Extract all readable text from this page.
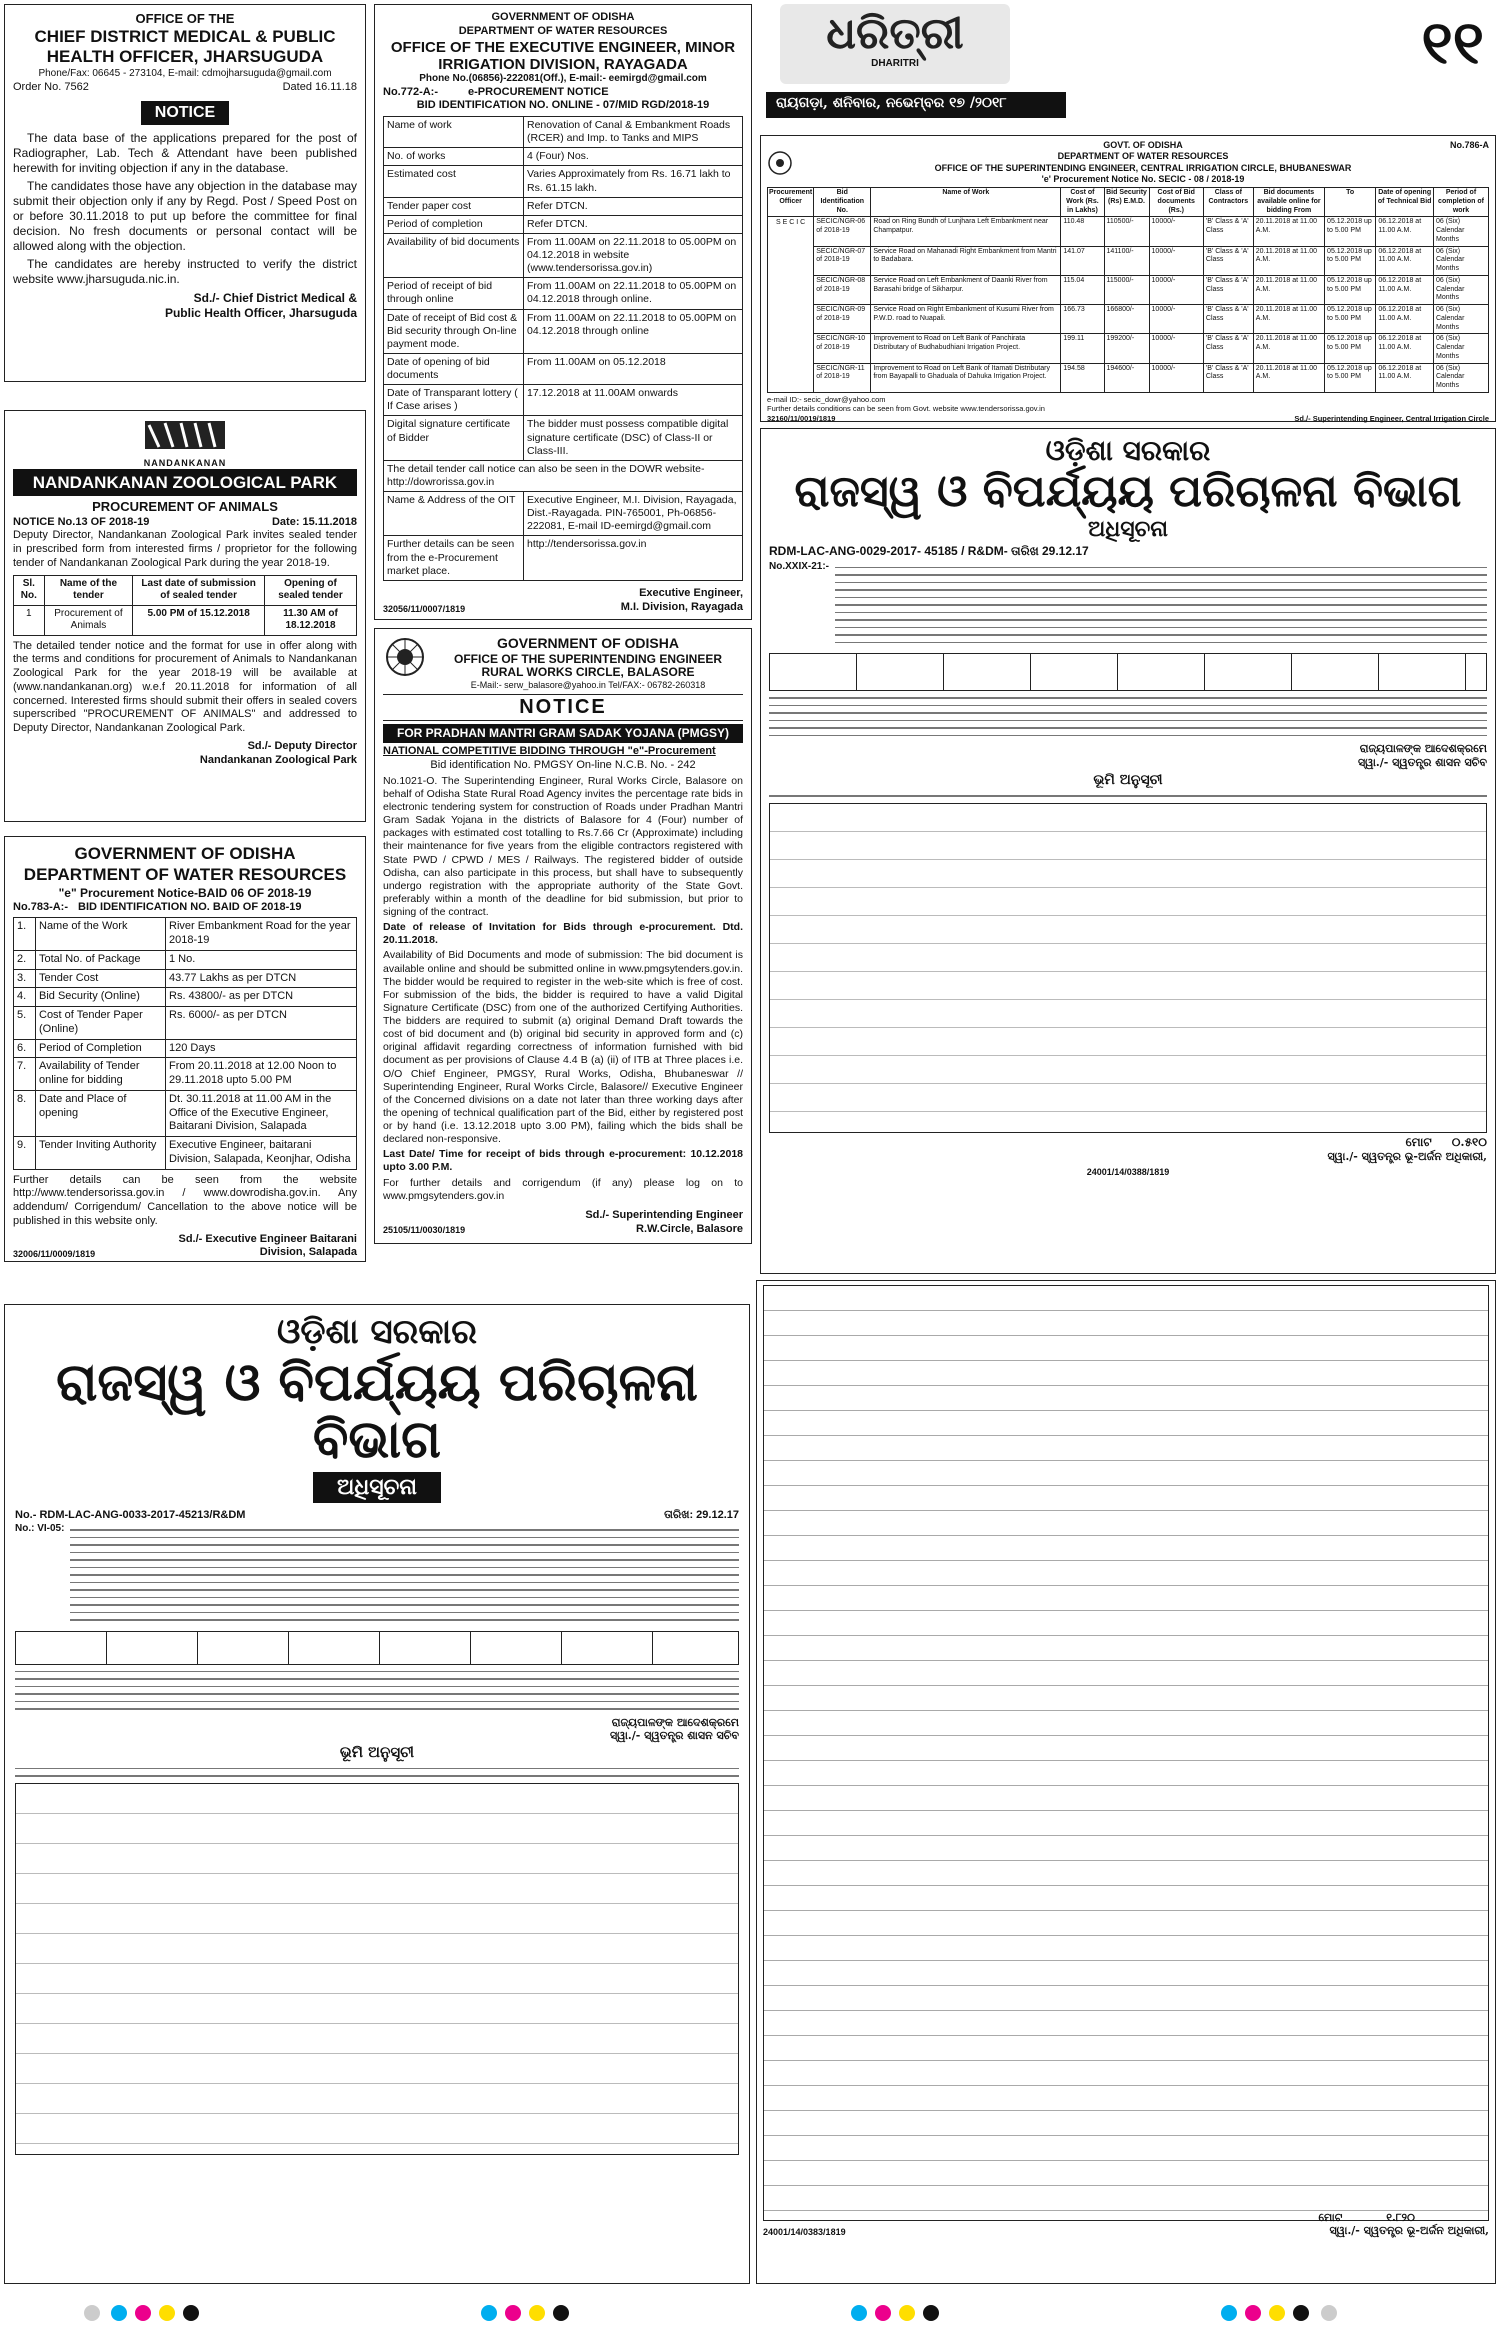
OFFICE OF THE
CHIEF DISTRICT MEDICAL & PUBLIC HEALTH OFFICER, JHARSUGUDA
Phone/Fax: 06645 - 273104, E-mail: cdmojharsuguda@gmail.com
Order No. 7562	Dated 16.11.18
NOTICE

The data base of the applications prepared for the post of Radiographer, Lab. Tech & Attendant have been published herewith for inviting objection if any in the database.

The candidates those have any objection in the database may submit their objection only if any by Regd. Post / Speed Post on or before 30.11.2018 to put up before the committee for final decision. No fresh documents or personal contact will be allowed along with the objection.

The candidates are hereby instructed to verify the district website www.jharsuguda.nic.in.

Sd./- Chief District Medical &
Public Health Officer, Jharsuguda
NANDANKANAN
NANDANKANAN ZOOLOGICAL PARK
PROCUREMENT OF ANIMALS
NOTICE No.13 OF 2018-19	Date: 15.11.2018

Deputy Director, Nandankanan Zoological Park invites sealed tender in prescribed form from interested firms / proprietor for the following tender of Nandankanan Zoological Park during the year 2018-19.

Sl. No.	Name of the tender	Last date of submission of sealed tender	Opening of sealed tender
1	Procurement of Animals	5.00 PM of 15.12.2018	11.30 AM of 18.12.2018

The detailed tender notice and the format for use in offer along with the terms and conditions for procurement of Animals to Nandankanan Zoological Park for the year 2018-19 will be available at (www.nandankanan.org) w.e.f 20.11.2018 for information of all concerned. Interested firms should submit their offers in sealed covers superscribed "PROCUREMENT OF ANIMALS" and addressed to Deputy Director, Nandankanan Zoological Park.

Sd./- Deputy Director
Nandankanan Zoological Park
GOVERNMENT OF ODISHA
DEPARTMENT OF WATER RESOURCES
"e" Procurement Notice-BAID 06 OF 2018-19
No.783-A:- BID IDENTIFICATION NO. BAID OF 2018-19
1.	Name of the Work	River Embankment Road for the year 2018-19
2.	Total No. of Package	1 No.
3.	Tender Cost	43.77 Lakhs as per DTCN
4.	Bid Security (Online)	Rs. 43800/- as per DTCN
5.	Cost of Tender Paper (Online)	Rs. 6000/- as per DTCN
6.	Period of Completion	120 Days
7.	Availability of Tender online for bidding	From 20.11.2018 at 12.00 Noon to 29.11.2018 upto 5.00 PM
8.	Date and Place of opening	Dt. 30.11.2018 at 11.00 AM in the Office of the Executive Engineer, Baitarani Division, Salapada
9.	Tender Inviting Authority	Executive Engineer, baitarani Division, Salapada, Keonjhar, Odisha

Further details can be seen from the website http://www.tendersorissa.gov.in / www.dowrodisha.gov.in. Any addendum/ Corrigendum/ Cancellation to the above notice will be published in this website only.

32006/11/0009/1819
Sd./- Executive Engineer Baitarani Division, Salapada
GOVERNMENT OF ODISHA
DEPARTMENT OF WATER RESOURCES
OFFICE OF THE EXECUTIVE ENGINEER, MINOR IRRIGATION DIVISION, RAYAGADA
Phone No.(06856)-222081(Off.), E-mail:- eemirgd@gmail.com
No.772-A:-	e-PROCUREMENT NOTICE
BID IDENTIFICATION NO. ONLINE - 07/MID RGD/2018-19
Name of work	Renovation of Canal & Embankment Roads (RCER) and Imp. to Tanks and MIPS
No. of works	4 (Four) Nos.
Estimated cost	Varies Approximately from Rs. 16.71 lakh to Rs. 61.15 lakh.
Tender paper cost	Refer DTCN.
Period of completion	Refer DTCN.
Availability of bid documents	From 11.00AM on 22.11.2018 to 05.00PM on 04.12.2018 in website (www.tendersorissa.gov.in)
Period of receipt of bid through online	From 11.00AM on 22.11.2018 to 05.00PM on 04.12.2018 through online.
Date of receipt of Bid cost & Bid security through On-line payment mode.	From 11.00AM on 22.11.2018 to 05.00PM on 04.12.2018 through online
Date of opening of bid documents	From 11.00AM on 05.12.2018
Date of Transparant lottery ( If Case arises )	17.12.2018 at 11.00AM onwards
Digital signature certificate of Bidder	The bidder must possess compatible digital signature certificate (DSC) of Class-II or Class-III.
The detail tender call notice can also be seen in the DOWR website- http://dowrorissa.gov.in	
Name & Address of the OIT	Executive Engineer, M.I. Division, Rayagada, Dist.-Rayagada. PIN-765001, Ph-06856-222081, E-mail ID-eemirgd@gmail.com
Further details can be seen from the e-Procurement market place.	http://tendersorissa.gov.in
Executive Engineer,
32056/11/0007/1819	M.I. Division, Rayagada
GOVERNMENT OF ODISHA
OFFICE OF THE SUPERINTENDING ENGINEER RURAL WORKS CIRCLE, BALASORE
E-Mail:- serw_balasore@yahoo.in Tel/FAX:- 06782-260318
NOTICE
FOR PRADHAN MANTRI GRAM SADAK YOJANA (PMGSY)
NATIONAL COMPETITIVE BIDDING THROUGH "e"-Procurement
Bid identification No. PMGSY On-line N.C.B. No. - 242

No.1021-O. The Superintending Engineer, Rural Works Circle, Balasore on behalf of Odisha State Rural Road Agency invites the percentage rate bids in electronic tendering system for construction of Roads under Pradhan Mantri Gram Sadak Yojana in the districts of Balasore for 4 (Four) number of packages with estimated cost totalling to Rs.7.66 Cr (Approximate) including their maintenance for five years from the eligible contractors registered with State PWD / CPWD / MES / Railways. The registered bidder of outside Odisha, can also participate in this process, but shall have to subsequently undergo registration with the appropriate authority of the State Govt. preferably within a month of the deadline for bid submission, but prior to signing of the contract.

Date of release of Invitation for Bids through e-procurement. Dtd. 20.11.2018.

Availability of Bid Documents and mode of submission: The bid document is available online and should be submitted online in www.pmgsytenders.gov.in. The bidder would be required to register in the web-site which is free of cost. For submission of the bids, the bidder is required to have a valid Digital Signature Certificate (DSC) from one of the authorized Certifying Authorities. The bidders are required to submit (a) original Demand Draft towards the cost of bid document and (b) original bid security in approved form and (c) original affidavit regarding correctness of information furnished with bid document as per provisions of Clause 4.4 B (a) (ii) of ITB at Three places i.e. O/O Chief Engineer, PMGSY, Rural Works, Odisha, Bhubaneswar // Superintending Engineer, Rural Works Circle, Balasore// Executive Engineer of the Concerned divisions on a date not later than three working days after the opening of technical qualification part of the Bid, either by registered post or by hand (i.e. 13.12.2018 upto 3.00 PM), failing which the bids shall be declared non-responsive.

Last Date/ Time for receipt of bids through e-procurement: 10.12.2018 upto 3.00 P.M.

For further details and corrigendum (if any) please log on to www.pmgsytenders.gov.in

25105/11/0030/1819
Sd./- Superintending Engineer
R.W.Circle, Balasore
ଧରିତ୍ରୀ
DHARITRI
ରାୟଗଡ଼ା, ଶନିବାର, ନଭେମ୍ବର ୧୭ /୨୦୧୮
୧୧
No.786-A
GOVT. OF ODISHA
DEPARTMENT OF WATER RESOURCES
OFFICE OF THE SUPERINTENDING ENGINEER, CENTRAL IRRIGATION CIRCLE, BHUBANESWAR
'e' Procurement Notice No. SECIC - 08 / 2018-19
Procurement Officer	Bid Identification No.	Name of Work	Cost of Work (Rs. in Lakhs)	Bid Security (Rs) E.M.D.	Cost of Bid documents (Rs.)	Class of Contractors	Bid documents available online for bidding From	To	Date of opening of Technical Bid	Period of completion of work
S E C I C	SECIC/NGR-06 of 2018-19	Road on Ring Bundh of Lunjhara Left Embankment near Champatpur.	110.48	110500/-	10000/-	'B' Class & 'A' Class	20.11.2018 at 11.00 A.M.	05.12.2018 up to 5.00 PM	06.12.2018 at 11.00 A.M.	06 (Six) Calendar Months
	SECIC/NGR-07 of 2018-19	Service Road on Mahanadi Right Embankment from Mantri to Badabara.	141.07	141100/-	10000/-	'B' Class & 'A' Class	20.11.2018 at 11.00 A.M.	05.12.2018 up to 5.00 PM	06.12.2018 at 11.00 A.M.	06 (Six) Calendar Months
	SECIC/NGR-08 of 2018-19	Service Road on Left Embankment of Daanki River from Barasahi bridge of Sikharpur.	115.04	115000/-	10000/-	'B' Class & 'A' Class	20.11.2018 at 11.00 A.M.	05.12.2018 up to 5.00 PM	06.12.2018 at 11.00 A.M.	06 (Six) Calendar Months
	SECIC/NGR-09 of 2018-19	Service Road on Right Embankment of Kusumi River from P.W.D. road to Nuapali.	166.73	166800/-	10000/-	'B' Class & 'A' Class	20.11.2018 at 11.00 A.M.	05.12.2018 up to 5.00 PM	06.12.2018 at 11.00 A.M.	06 (Six) Calendar Months
	SECIC/NGR-10 of 2018-19	Improvement to Road on Left Bank of Panchirata Distributary of Budhabudhiani Irrigation Project.	199.11	199200/-	10000/-	'B' Class & 'A' Class	20.11.2018 at 11.00 A.M.	05.12.2018 up to 5.00 PM	06.12.2018 at 11.00 A.M.	06 (Six) Calendar Months
	SECIC/NGR-11 of 2018-19	Improvement to Road on Left Bank of Itamati Distributary from Bayapalli to Ghaduala of Dahuka Irrigation Project.	194.58	194600/-	10000/-	'B' Class & 'A' Class	20.11.2018 at 11.00 A.M.	05.12.2018 up to 5.00 PM	06.12.2018 at 11.00 A.M.	06 (Six) Calendar Months
e-mail ID:- secic_dowr@yahoo.com
Further details conditions can be seen from Govt. website www.tendersorissa.gov.in
32160/11/0019/1819	Sd./- Superintending Engineer, Central Irrigation Circle
ଓଡ଼ିଶା ସରକାର
ରାଜସ୍ୱ ଓ ବିପର୍ଯ୍ୟୟ ପରିଚାଳନା ବିଭାଗ
ଅଧିସୂଚନା
RDM-LAC-ANG-0029-2017- 45185 / R&DM- ତାରିଖ 29.12.17
No.XXIX-21:-
ରାଜ୍ୟପାଳଙ୍କ ଆଦେଶକ୍ରମେ
ସ୍ୱା./- ସ୍ୱତନ୍ତ୍ର ଶାସନ ସଚିବ
ଭୂମି ଅନୁସୂଚୀ
ମୋଟ ୦.୫୧୦
ସ୍ୱା./- ସ୍ୱତନ୍ତ୍ର ଭୂ-ଅର୍ଜନ ଅଧିକାରୀ,
24001/14/0388/1819
ଓଡ଼ିଶା ସରକାର
ରାଜସ୍ୱ ଓ ବିପର୍ଯ୍ୟୟ ପରିଚାଳନା ବିଭାଗ
ଅଧିସୂଚନା
No.- RDM-LAC-ANG-0033-2017-45213/R&DM	ତାରିଖ: 29.12.17
No.: VI-05:
ରାଜ୍ୟପାଳଙ୍କ ଆଦେଶକ୍ରମେ
ସ୍ୱା./- ସ୍ୱତନ୍ତ୍ର ଶାସନ ସଚିବ
ଭୂମି ଅନୁସୂଚୀ
24001/14/0383/1819	ସ୍ୱା./- ସ୍ୱତନ୍ତ୍ର ଭୂ-ଅର୍ଜନ ଅଧିକାରୀ,
ମୋଟ	୧.୮୨୦
